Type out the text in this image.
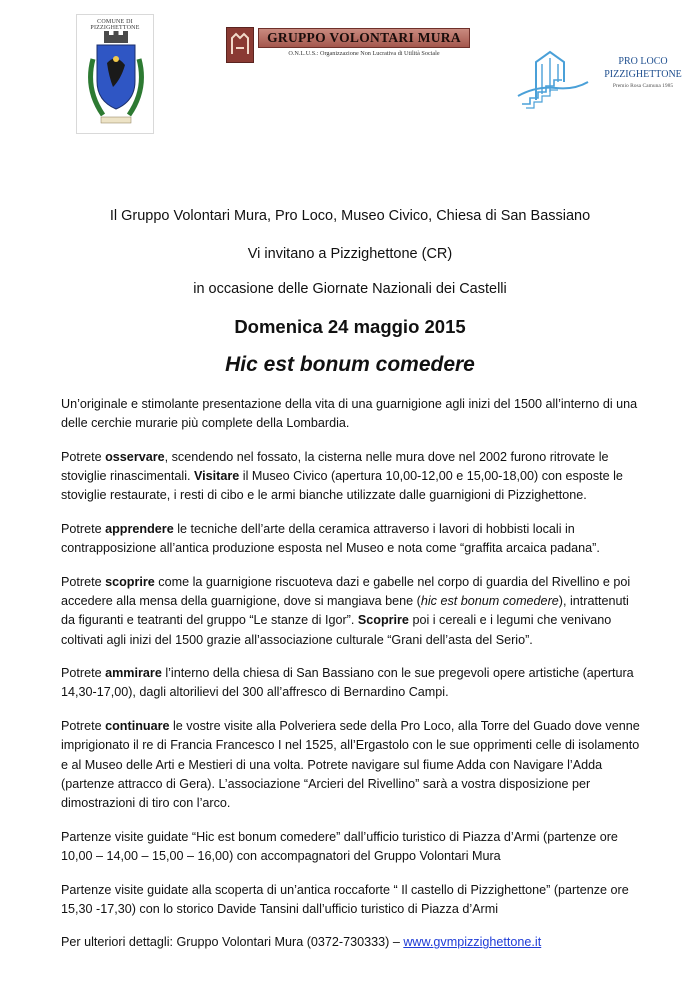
COMUNE DI PIZZIGHETTONE
GRUPPO VOLONTARI MURA
O.N.L.U.S.: Organizzazione Non Lucrativa di Utilità Sociale
PRO LOCO
PIZZIGHETTONE
Premio Rosa Camuna 1985
Il Gruppo Volontari Mura, Pro Loco, Museo Civico, Chiesa di San Bassiano
Vi invitano a Pizzighettone (CR)
in occasione delle Giornate Nazionali dei Castelli
Domenica 24 maggio 2015
Hic est bonum comedere

Un’originale e stimolante presentazione della vita di una guarnigione agli inizi del 1500 all’interno di una delle cerchie murarie più complete della Lombardia.

Potrete osservare, scendendo nel fossato, la cisterna nelle mura dove nel 2002 furono ritrovate le stoviglie rinascimentali. Visitare il Museo Civico (apertura 10,00-12,00 e 15,00-18,00) con esposte le stoviglie restaurate, i resti di cibo e le armi bianche utilizzate dalle guarnigioni di Pizzighettone.

Potrete apprendere le tecniche dell’arte della ceramica attraverso i lavori di hobbisti locali in contrapposizione all’antica produzione esposta nel Museo e nota come “graffita arcaica padana”.

Potrete scoprire come la guarnigione riscuoteva dazi e gabelle nel corpo di guardia del Rivellino e poi accedere alla mensa della guarnigione, dove si mangiava bene (hic est bonum comedere), intrattenuti da figuranti e teatranti del gruppo “Le stanze di Igor”. Scoprire poi i cereali e i legumi che venivano coltivati agli inizi del 1500 grazie all’associazione culturale “Grani dell’asta del Serio”.

Potrete ammirare l’interno della chiesa di San Bassiano con le sue pregevoli opere artistiche (apertura 14,30-17,00), dagli altorilievi del 300 all’affresco di Bernardino Campi.

Potrete continuare le vostre visite alla Polveriera sede della Pro Loco, alla Torre del Guado dove venne imprigionato il re di Francia Francesco I nel 1525, all’Ergastolo con le sue opprimenti celle di isolamento e al Museo delle Arti e Mestieri di una volta. Potrete navigare sul fiume Adda con Navigare l’Adda (partenze attracco di Gera). L’associazione “Arcieri del Rivellino” sarà a vostra disposizione per dimostrazioni di tiro con l’arco.

Partenze visite guidate “Hic est bonum comedere” dall’ufficio turistico di Piazza d’Armi (partenze ore 10,00 – 14,00 – 15,00 – 16,00) con accompagnatori del Gruppo Volontari Mura

Partenze visite guidate alla scoperta di un’antica roccaforte “ Il castello di Pizzighettone” (partenze ore 15,30 -17,30) con lo storico Davide Tansini dall’ufficio turistico di Piazza d’Armi

Per ulteriori dettagli: Gruppo Volontari Mura (0372-730333) – www.gvmpizzighettone.it
